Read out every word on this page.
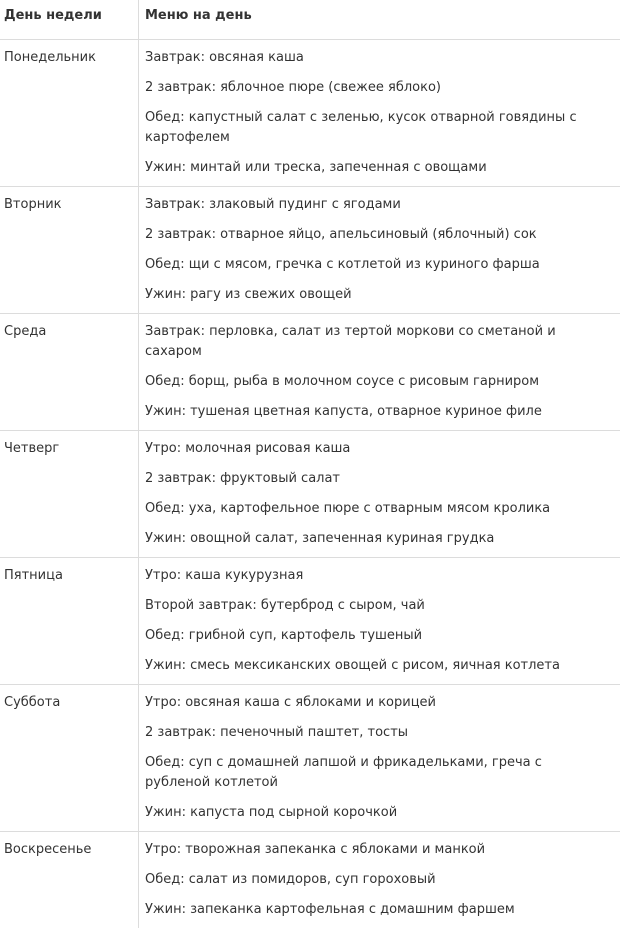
День недели	Меню на день
Понедельник	Завтрак: овсяная каша
2 завтрак: яблочное пюре (свежее яблоко)
Обед: капустный салат с зеленью, кусок отварной говядины с картофелем
Ужин: минтай или треска, запеченная с овощами
Вторник	Завтрак: злаковый пудинг с ягодами
2 завтрак: отварное яйцо, апельсиновый (яблочный) сок
Обед: щи с мясом, гречка с котлетой из куриного фарша
Ужин: рагу из свежих овощей
Среда	Завтрак: перловка, салат из тертой моркови со сметаной и сахаром
Обед: борщ, рыба в молочном соусе с рисовым гарниром
Ужин: тушеная цветная капуста, отварное куриное филе
Четверг	Утро: молочная рисовая каша
2 завтрак: фруктовый салат
Обед: уха, картофельное пюре с отварным мясом кролика
Ужин: овощной салат, запеченная куриная грудка
Пятница	Утро: каша кукурузная
Второй завтрак: бутерброд с сыром, чай
Обед: грибной суп, картофель тушеный
Ужин: смесь мексиканских овощей с рисом, яичная котлета
Суббота	Утро: овсяная каша с яблоками и корицей
2 завтрак: печеночный паштет, тосты
Обед: суп с домашней лапшой и фрикадельками, греча с рубленой котлетой
Ужин: капуста под сырной корочкой
Воскресенье	Утро: творожная запеканка с яблоками и манкой
Обед: салат из помидоров, суп гороховый
Ужин: запеканка картофельная с домашним фаршем
